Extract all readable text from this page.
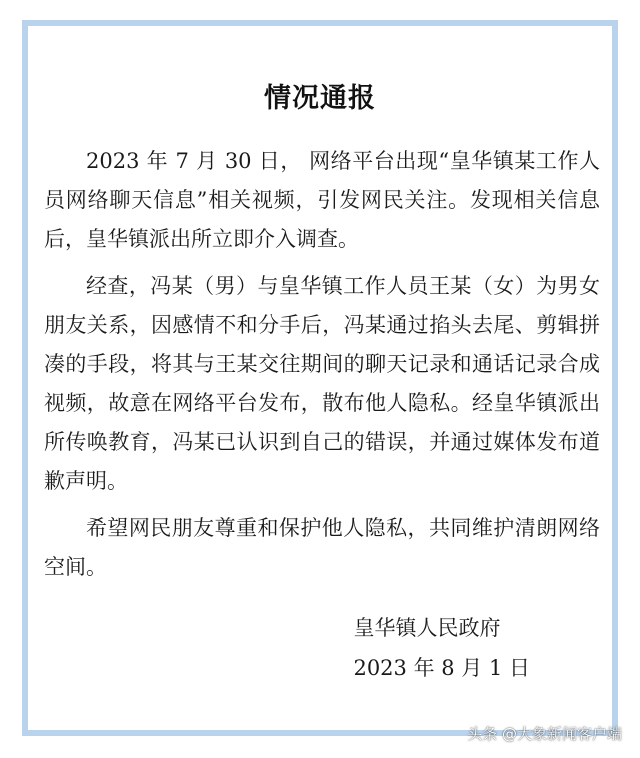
情况通报

2023 年 7 月 30 日， 网络平台出现“皇华镇某工作人员网络聊天信息”相关视频，引发网民关注。发现相关信息后，皇华镇派出所立即介入调查。

经查，冯某（男）与皇华镇工作人员王某（女）为男女朋友关系，因感情不和分手后，冯某通过掐头去尾、剪辑拼凑的手段，将其与王某交往期间的聊天记录和通话记录合成视频，故意在网络平台发布，散布他人隐私。经皇华镇派出所传唤教育，冯某已认识到自己的错误，并通过媒体发布道歉声明。

希望网民朋友尊重和保护他人隐私，共同维护清朗网络空间。

皇华镇人民政府
2023 年 8 月 1 日
头条 @大象新闻客户端
